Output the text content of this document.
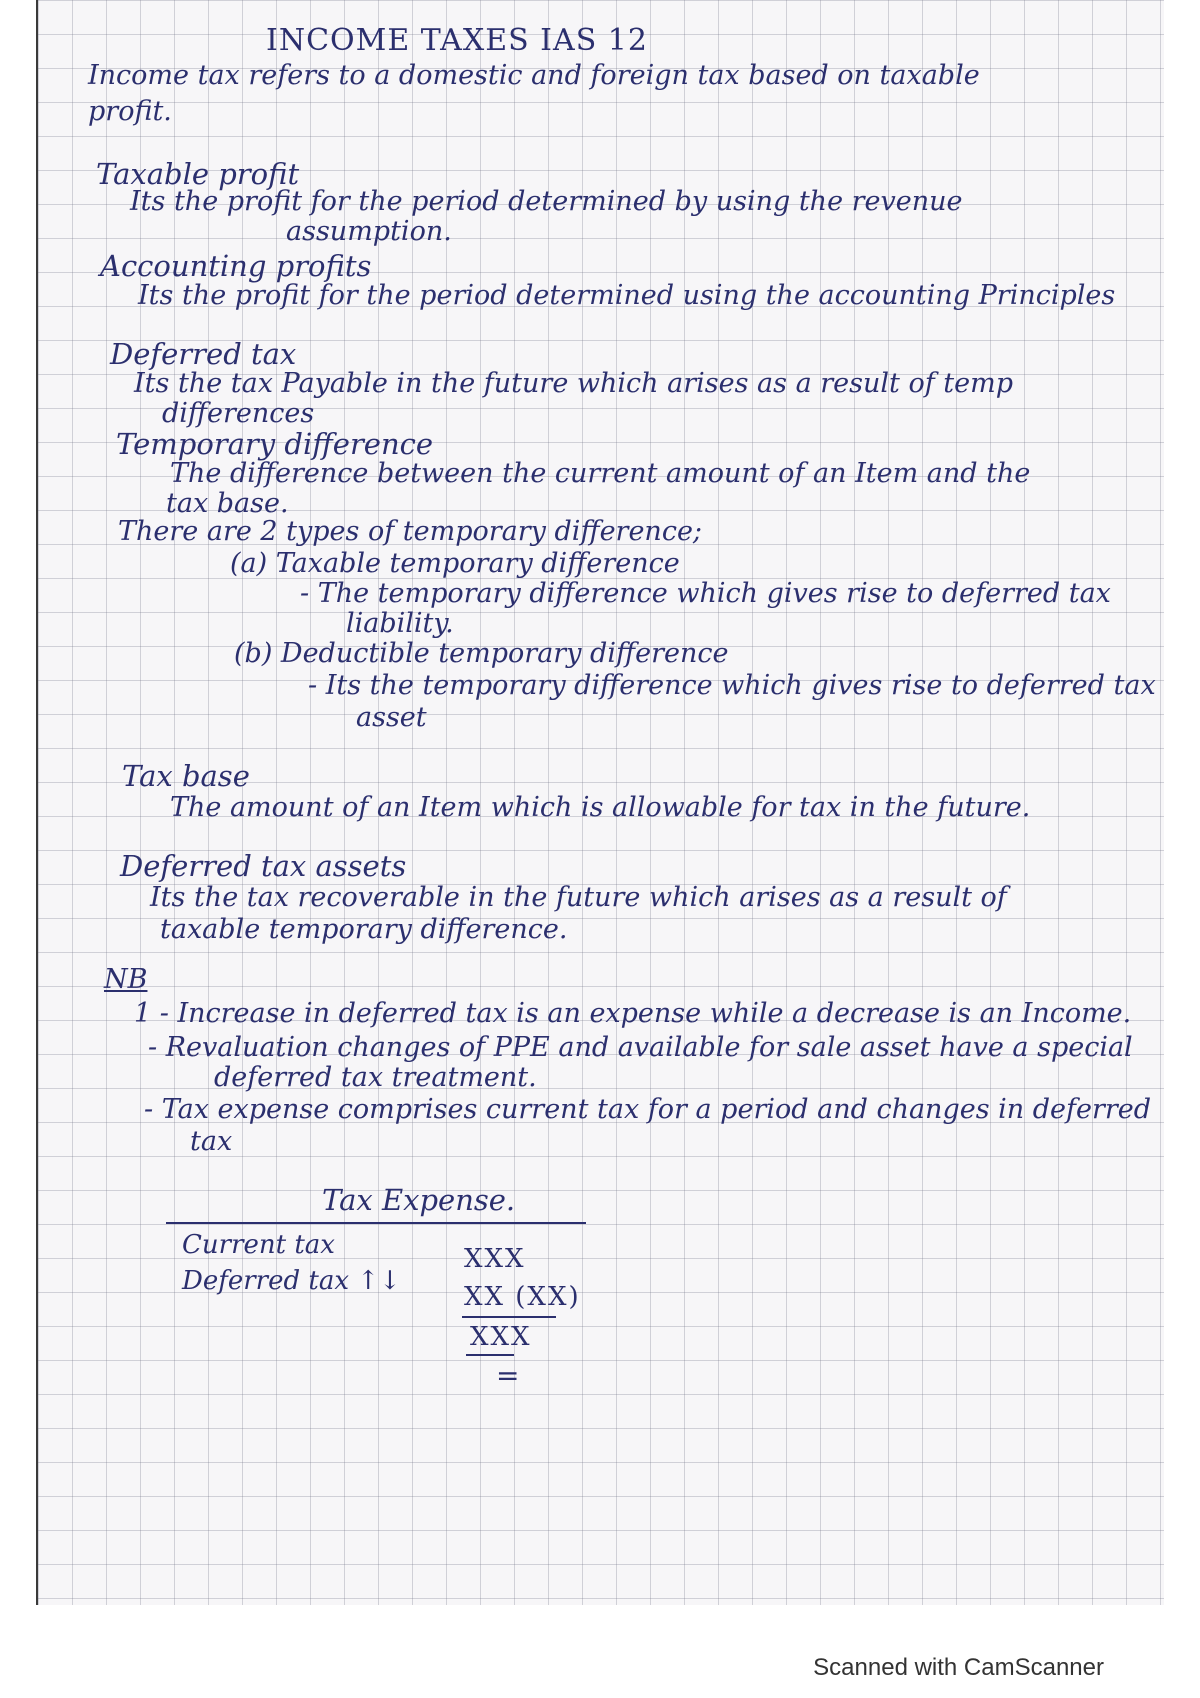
INCOME TAXES IAS 12
Income tax refers to a domestic and foreign tax based on taxable
profit.
Taxable profit
Its the profit for the period determined by using the revenue
assumption.
Accounting profits
Its the profit for the period determined using the accounting Principles
Deferred tax
Its the tax Payable in the future which arises as a result of temp
differences
Temporary difference
The difference between the current amount of an Item and the
tax base.
There are 2 types of temporary difference;
(a) Taxable temporary difference
- The temporary difference which gives rise to deferred tax
liability.
(b) Deductible temporary difference
- Its the temporary difference which gives rise to deferred tax
asset
Tax base
The amount of an Item which is allowable for tax in the future.
Deferred tax assets
Its the tax recoverable in the future which arises as a result of
taxable temporary difference.
NB
1 - Increase in deferred tax is an expense while a decrease is an Income.
- Revaluation changes of PPE and available for sale asset have a special
deferred tax treatment.
- Tax expense comprises current tax for a period and changes in deferred
tax
Tax Expense.
Current tax	XXX
Deferred tax ↑↓
XX (XX)
XXX
=
Scanned with CamScanner
